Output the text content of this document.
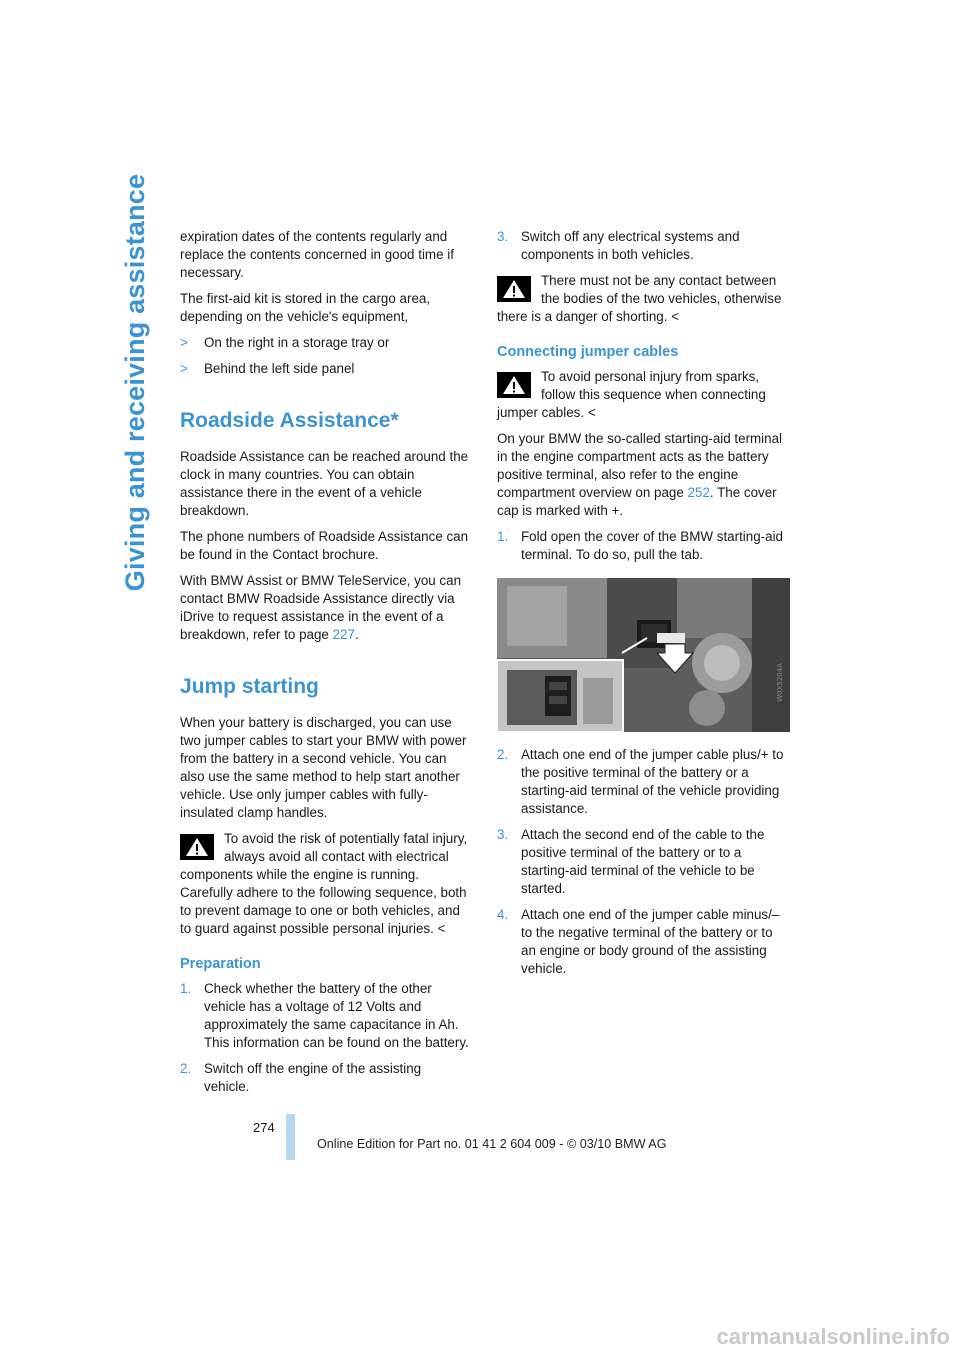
Giving and receiving assistance expiration dates of the contents regularly and replace the contents concerned in good time if necessary.

The first-aid kit is stored in the cargo area, depending on the vehicle's equipment,

>	On the right in a storage tray or
>	Behind the left side panel
Roadside Assistance*

Roadside Assistance can be reached around the clock in many countries. You can obtain assistance there in the event of a vehicle breakdown.

The phone numbers of Roadside Assistance can be found in the Contact brochure.

With BMW Assist or BMW TeleService, you can contact BMW Roadside Assistance directly via iDrive to request assistance in the event of a breakdown, refer to page 227.

Jump starting

When your battery is discharged, you can use two jumper cables to start your BMW with power from the battery in a second vehicle. You can also use the same method to help start another vehicle. Use only jumper cables with fully-insulated clamp handles.

To avoid the risk of potentially fatal injury, always avoid all contact with electrical components while the engine is running. Carefully adhere to the following sequence, both to prevent damage to one or both vehicles, and to guard against possible personal injuries. <
Preparation
1. Check whether the battery of the other vehicle has a voltage of 12 Volts and approximately the same capacitance in Ah. This information can be found on the battery.
2. Switch off the engine of the assisting vehicle.
3. Switch off any electrical systems and components in both vehicles.
There must not be any contact between the bodies of the two vehicles, otherwise there is a danger of shorting. <
Connecting jumper cables
To avoid personal injury from sparks, follow this sequence when connecting jumper cables. <

On your BMW the so-called starting-aid terminal in the engine compartment acts as the battery positive terminal, also refer to the engine compartment overview on page 252. The cover cap is marked with +.

1. Fold open the cover of the BMW starting-aid terminal. To do so, pull the tab.
W0X5204A
2. Attach one end of the jumper cable plus/+ to the positive terminal of the battery or a starting-aid terminal of the vehicle providing assistance.
3. Attach the second end of the cable to the positive terminal of the battery or to a starting-aid terminal of the vehicle to be started.
4. Attach one end of the jumper cable minus/– to the negative terminal of the battery or to an engine or body ground of the assisting vehicle.
274
Online Edition for Part no. 01 41 2 604 009 - © 03/10 BMW AG
carmanualsonline.info
